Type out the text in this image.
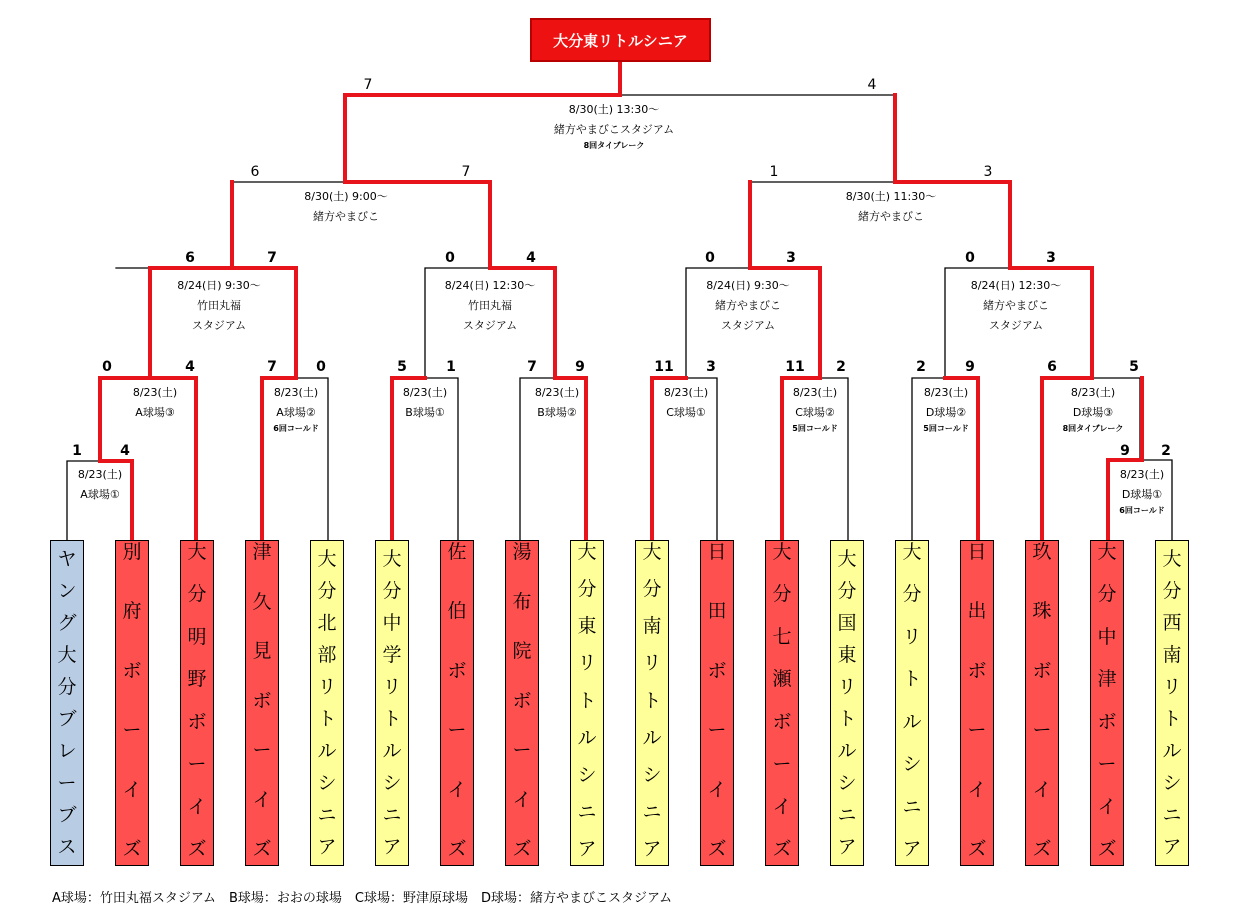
大分東リトルシニア
7	4
6	7	1	3
6	7	0	4	0	3	0	3
0	4	7	0	5	1	7	9	11 3	11 2	2	9	6	5
1	4	9 2
8/30(土) 13:30～
緒方やまびこスタジアム
8回タイブレーク
8/30(土) 9:00～
緒方やまびこ
8/30(土) 11:30～
緒方やまびこ
8/24(日) 9:30～
竹田丸福
スタジアム
8/24(日) 12:30～
竹田丸福
スタジアム
8/24(日) 9:30～
緒方やまびこ
スタジアム
8/24(日) 12:30～
緒方やまびこ
スタジアム
8/23(土)
A球場③
8/23(土)
A球場②
6回コールド
8/23(土)
B球場①
8/23(土)
B球場②
8/23(土)
C球場①
8/23(土)
C球場②
5回コールド
8/23(土)
D球場②
5回コールド
8/23(土)
D球場③
8回タイブレーク
8/23(土)
A球場①
8/23(土)
D球場①
6回コールド
ヤ
ン
グ
大
分
ブ
レ
ー
ブ
ス
別
府
ボ
ー
イ
ズ
大
分
明
野
ボ
ー
イ
ズ
津
久
見
ボ
ー
イ
ズ
大
分
北
部
リ
ト
ル
シ
ニ
ア
大
分
中
学
リ
ト
ル
シ
ニ
ア
佐
伯
ボ
ー
イ
ズ
湯
布
院
ボ
ー
イ
ズ
大
分
東
リ
ト
ル
シ
ニ
ア
大
分
南
リ
ト
ル
シ
ニ
ア
日
田
ボ
ー
イ
ズ
大
分
七
瀬
ボ
ー
イ
ズ
大
分
国
東
リ
ト
ル
シ
ニ
ア
大
分
リ
ト
ル
シ
ニ
ア
日
出
ボ
ー
イ
ズ
玖
珠
ボ
ー
イ
ズ
大
分
中
津
ボ
ー
イ
ズ
大
分
西
南
リ
ト
ル
シ
ニ
ア
A球場：竹田丸福スタジアム　B球場：おおの球場　C球場：野津原球場　D球場：緒方やまびこスタジアム
